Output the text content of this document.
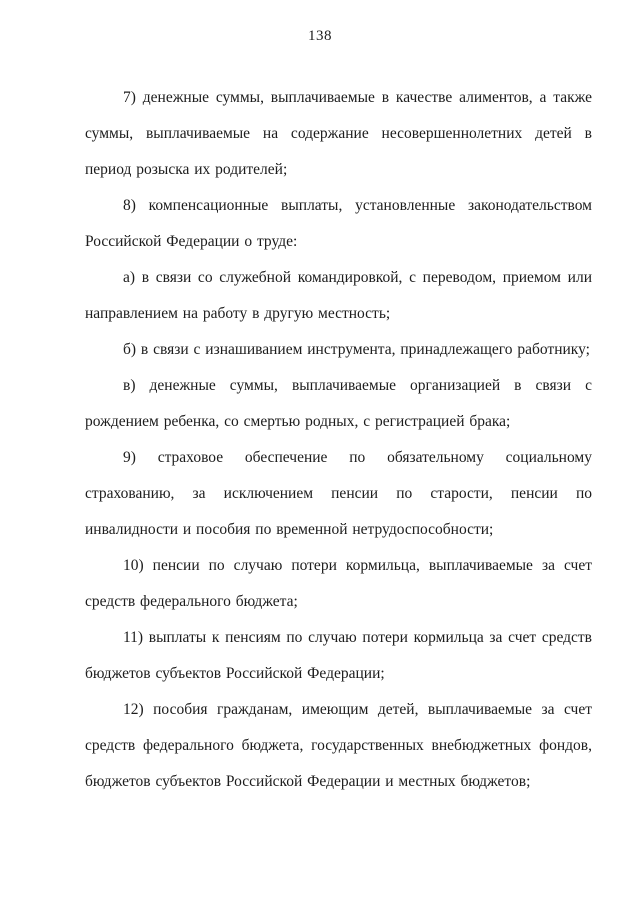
138

7) денежные суммы, выплачиваемые в качестве алиментов, а также суммы, выплачиваемые на содержание несовершеннолетних детей в период розыска их родителей;

8) компенсационные выплаты, установленные законодательством Российской Федерации о труде:

а) в связи со служебной командировкой, с переводом, приемом или направлением на работу в другую местность;

б) в связи с изнашиванием инструмента, принадлежащего работнику;

в) денежные суммы, выплачиваемые организацией в связи с рождением ребенка, со смертью родных, с регистрацией брака;

9) страховое обеспечение по обязательному социальному страхованию, за исключением пенсии по старости, пенсии по инвалидности и пособия по временной нетрудоспособности;

10) пенсии по случаю потери кормильца, выплачиваемые за счет средств федерального бюджета;

11) выплаты к пенсиям по случаю потери кормильца за счет средств бюджетов субъектов Российской Федерации;

12) пособия гражданам, имеющим детей, выплачиваемые за счет средств федерального бюджета, государственных внебюджетных фондов, бюджетов субъектов Российской Федерации и местных бюджетов;
